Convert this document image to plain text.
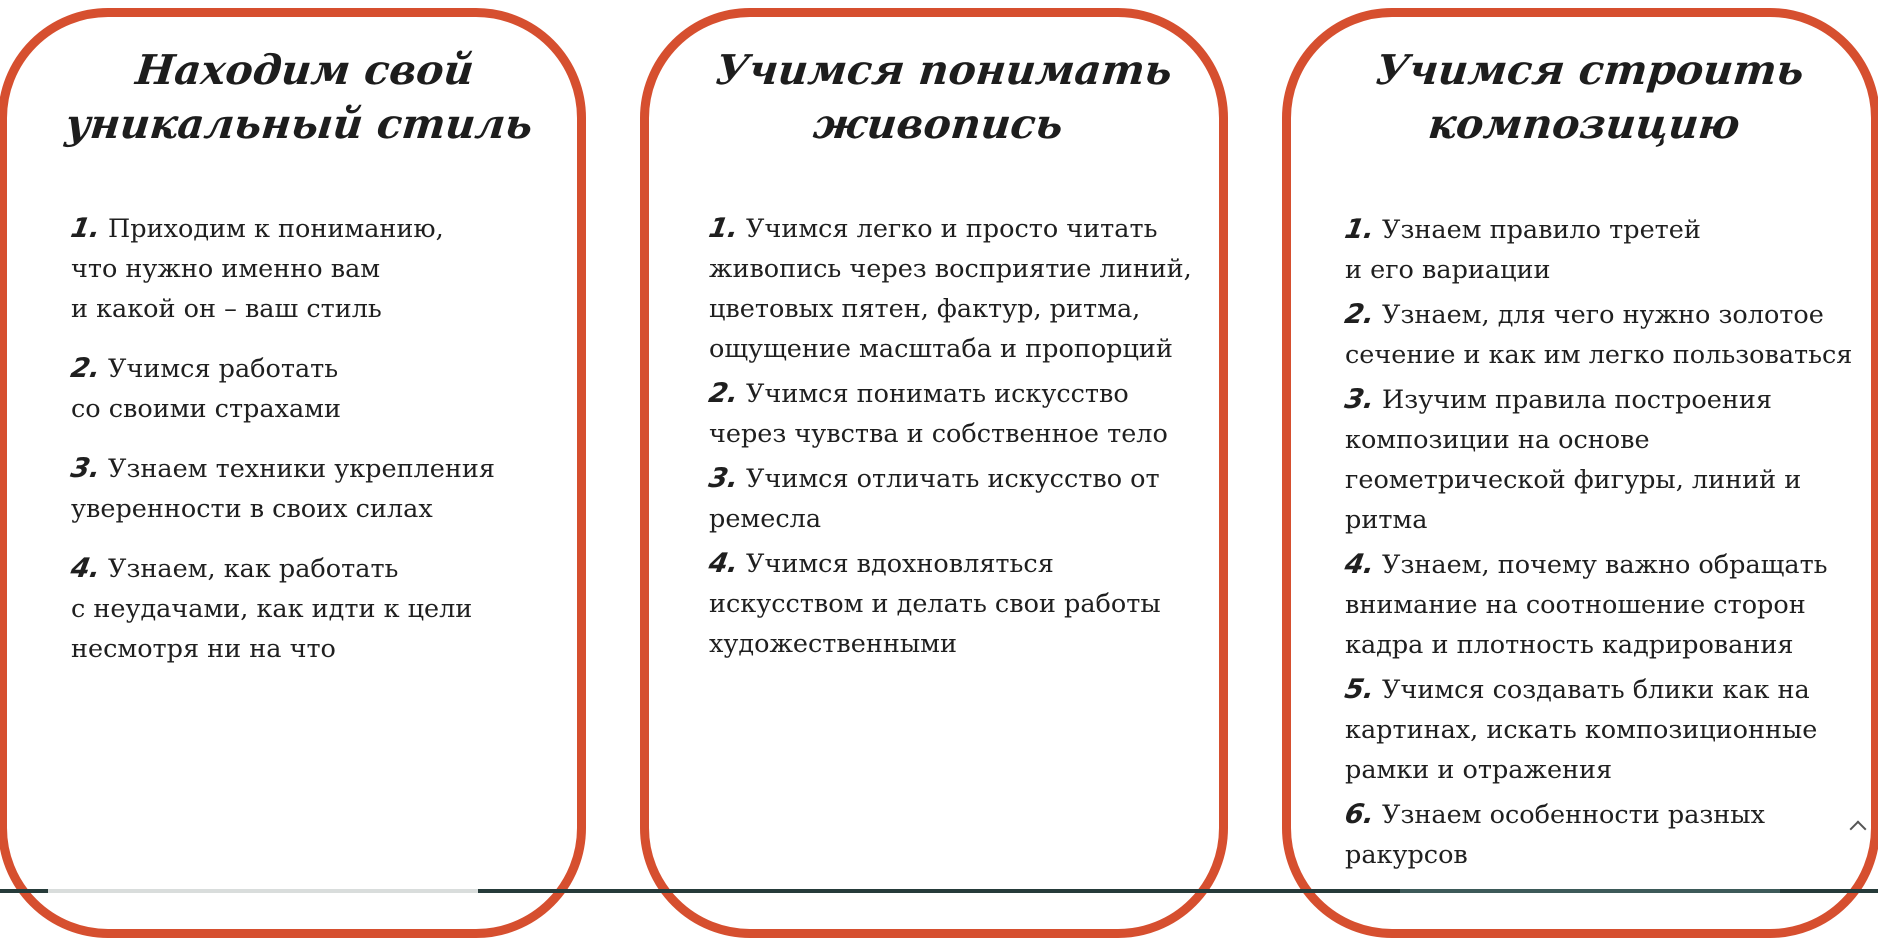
Находим свой
уникальный стиль
1. Приходим к пониманию,
что нужно именно вам
и какой он – ваш стиль
2. Учимся работать
со своими страхами
3. Узнаем техники укрепления
уверенности в своих силах
4. Узнаем, как работать
с неудачами, как идти к цели
несмотря ни на что
Учимся понимать
живопись
1. Учимся легко и просто читать
живопись через восприятие линий,
цветовых пятен, фактур, ритма,
ощущение масштаба и пропорций
2. Учимся понимать искусство
через чувства и собственное тело
3. Учимся отличать искусство от
ремесла
4. Учимся вдохновляться
искусством и делать свои работы
художественными
Учимся строить
композицию
1. Узнаем правило третей
и его вариации
2. Узнаем, для чего нужно золотое
сечение и как им легко пользоваться
3. Изучим правила построения
композиции на основе
геометрической фигуры, линий и
ритма
4. Узнаем, почему важно обращать
внимание на соотношение сторон
кадра и плотность кадрирования
5. Учимся создавать блики как на
картинах, искать композиционные
рамки и отражения
6. Узнаем особенности разных
ракурсов
